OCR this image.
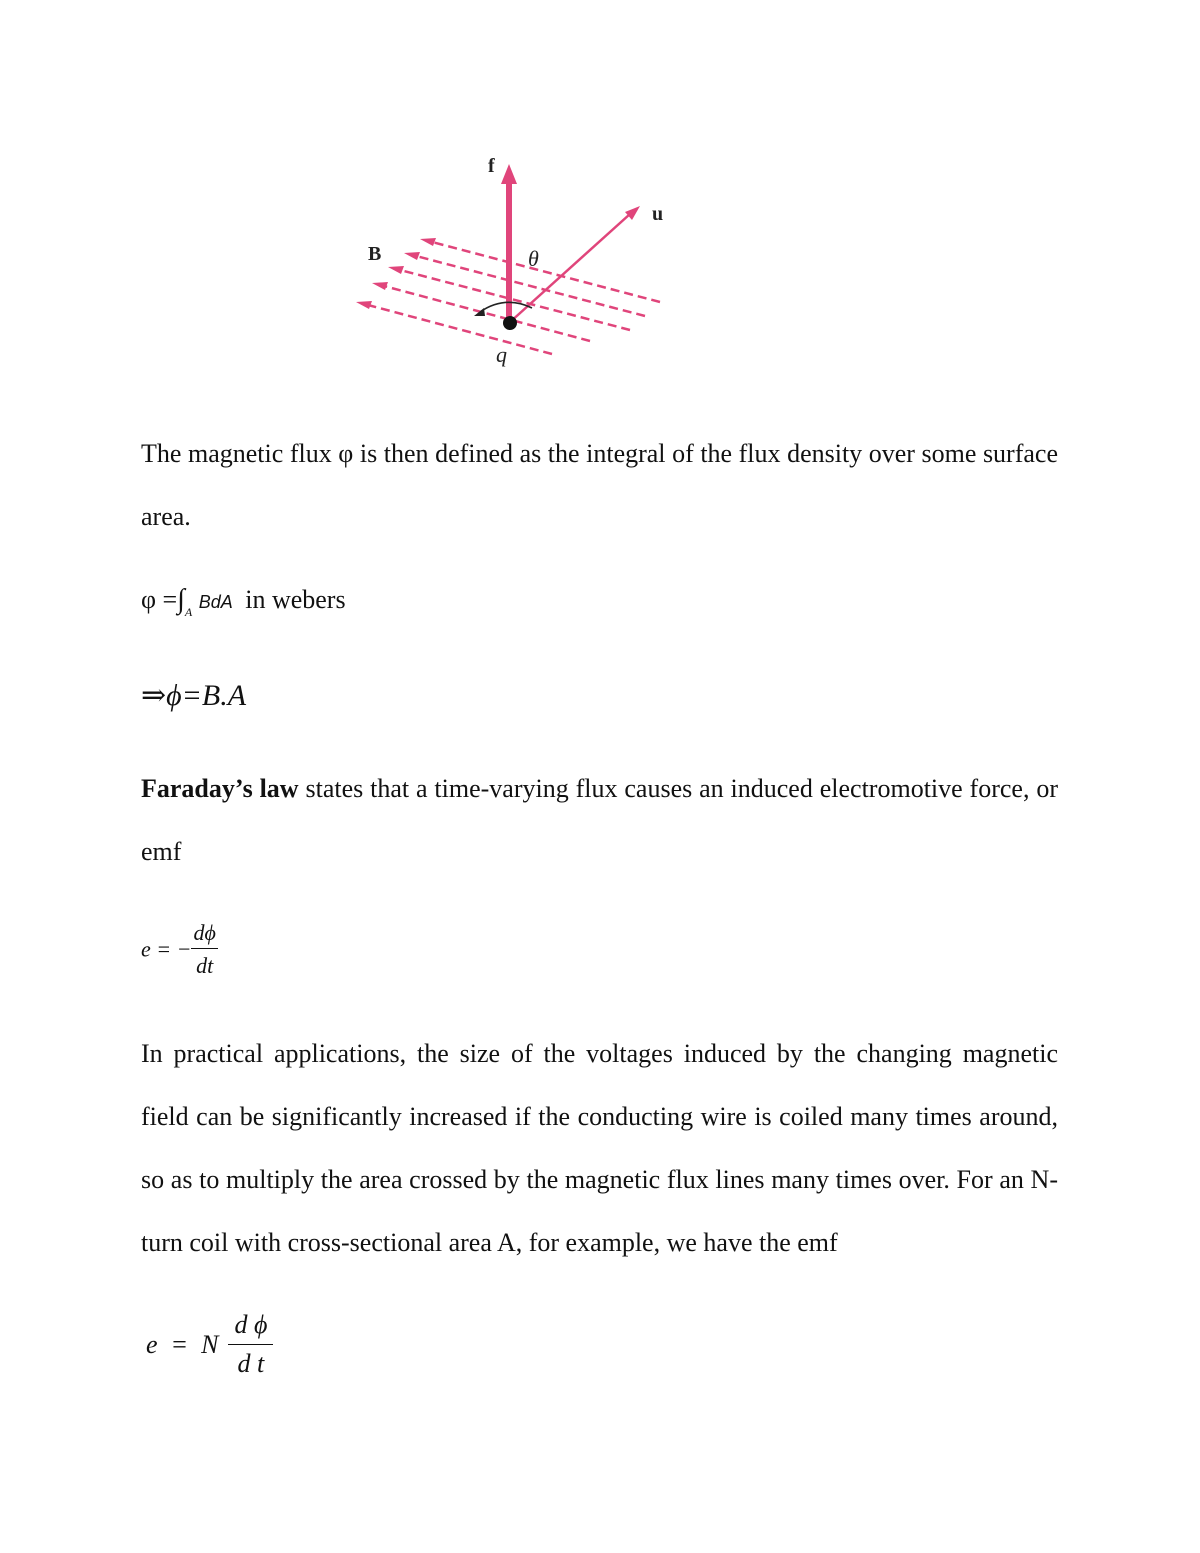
f
u
B	θ
q

The magnetic flux φ is then defined as the integral of the flux density over some surface area.

$\varphi =\int_A$ BdA in webers
⇒ϕ=B.A

Faraday’s law states that a time-varying flux causes an induced electromotive force, or emf

e = − $\frac{d\phi}{dt}$

In practical applications, the size of the voltages induced by the changing magnetic field can be significantly increased if the conducting wire is coiled many times around, so as to multiply the area crossed by the magnetic flux lines many times over. For an N-turn coil with cross-sectional area A, for example, we have the emf

e  =  N $\frac{\text{d ϕ}}{\text{d t}}$
